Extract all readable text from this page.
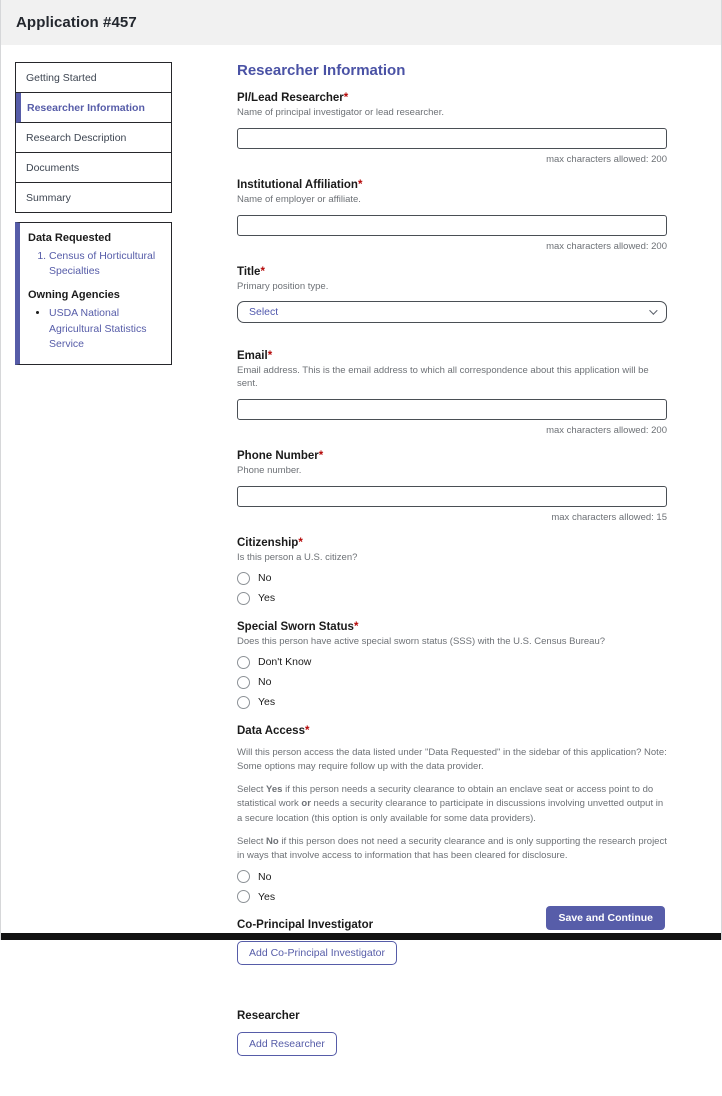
Application #457
Getting Started
Researcher Information
Research Description
Documents
Summary
Data Requested
1. Census of Horticultural Specialties
Owning Agencies
• USDA National Agricultural Statistics Service
Researcher Information
PI/Lead Researcher*
Name of principal investigator or lead researcher.
max characters allowed: 200
Institutional Affiliation*
Name of employer or affiliate.
max characters allowed: 200
Title*
Primary position type.
Select
Email*
Email address. This is the email address to which all correspondence about this application will be sent.
max characters allowed: 200
Phone Number*
Phone number.
max characters allowed: 15
Citizenship*
Is this person a U.S. citizen?
No
Yes
Special Sworn Status*
Does this person have active special sworn status (SSS) with the U.S. Census Bureau?
Don't Know
No
Yes
Data Access*
Will this person access the data listed under "Data Requested" in the sidebar of this application? Note: Some options may require follow up with the data provider.
Select Yes if this person needs a security clearance to obtain an enclave seat or access point to do statistical work or needs a security clearance to participate in discussions involving unvetted output in a secure location (this option is only available for some data providers).
Select No if this person does not need a security clearance and is only supporting the research project in ways that involve access to information that has been cleared for disclosure.
No
Yes
Co-Principal Investigator
Add Co-Principal Investigator
Researcher
Add Researcher
Save and Continue
